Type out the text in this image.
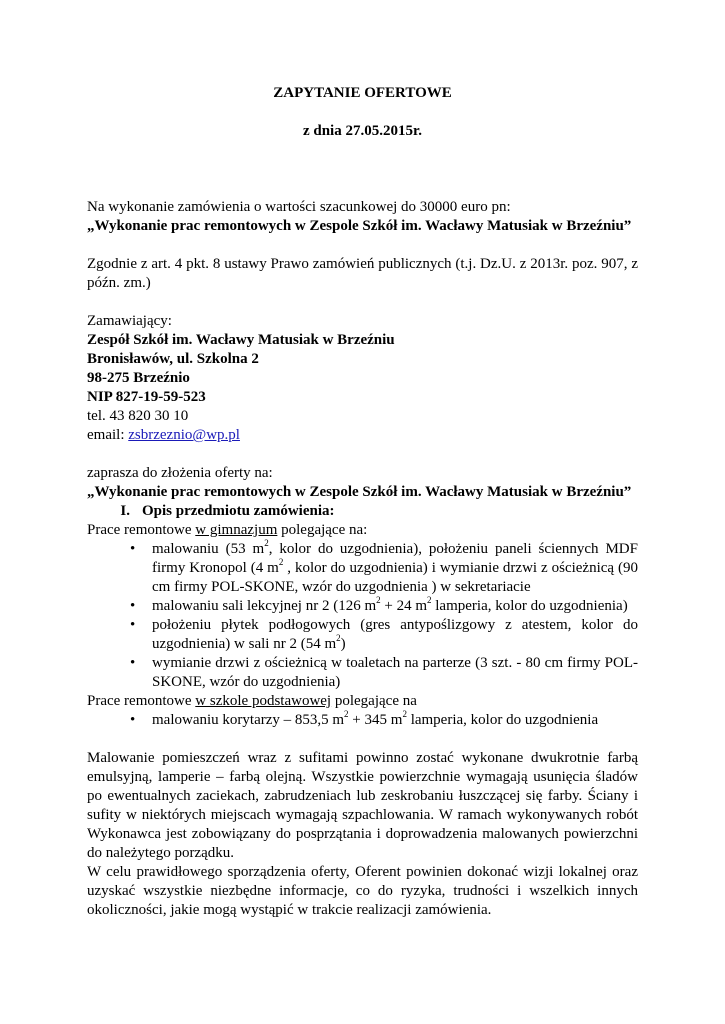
ZAPYTANIE OFERTOWE
z dnia 27.05.2015r.
Na wykonanie zamówienia o wartości szacunkowej do 30000 euro pn:
„Wykonanie prac remontowych w Zespole Szkół im. Wacławy Matusiak w Brzeźniu”
Zgodnie z art. 4 pkt. 8 ustawy Prawo zamówień publicznych (t.j. Dz.U. z 2013r. poz. 907, z późn. zm.)
Zamawiający:
Zespół Szkół im. Wacławy Matusiak w Brzeźniu
Bronisławów, ul. Szkolna 2
98-275 Brzeźnio
NIP 827-19-59-523
tel. 43 820 30 10
email: zsbrzeznio@wp.pl
zaprasza do złożenia oferty na:
„Wykonanie prac remontowych w Zespole Szkół im. Wacławy Matusiak w Brzeźniu”
I. Opis przedmiotu zamówienia:
Prace remontowe w gimnazjum polegające na:
• malowaniu (53 $m^2$, kolor do uzgodnienia), położeniu paneli ściennych MDF firmy Kronopol (4 $m^2$ , kolor do uzgodnienia) i wymianie drzwi z ościeżnicą (90 cm firmy POL-SKONE, wzór do uzgodnienia ) w sekretariacie
• malowaniu sali lekcyjnej nr 2 (126 $m^2 + 24$ $m^2$ lamperia, kolor do uzgodnienia)
• położeniu płytek podłogowych (gres antypoślizgowy z atestem, kolor do uzgodnienia) w sali nr 2 (54 $m^2$)
• wymianie drzwi z ościeżnicą w toaletach na parterze (3 szt. - 80 cm firmy POL-SKONE, wzór do uzgodnienia)
Prace remontowe w szkole podstawowej polegające na
• malowaniu korytarzy – 853,5 $m^2 + 345$ $m^2$ lamperia, kolor do uzgodnienia
Malowanie pomieszczeń wraz z sufitami powinno zostać wykonane dwukrotnie farbą emulsyjną, lamperie – farbą olejną. Wszystkie powierzchnie wymagają usunięcia śladów po ewentualnych zaciekach, zabrudzeniach lub zeskrobaniu łuszczącej się farby. Ściany i sufity w niektórych miejscach wymagają szpachlowania. W ramach wykonywanych robót Wykonawca jest zobowiązany do posprzątania i doprowadzenia malowanych powierzchni do należytego porządku.
W celu prawidłowego sporządzenia oferty, Oferent powinien dokonać wizji lokalnej oraz uzyskać wszystkie niezbędne informacje, co do ryzyka, trudności i wszelkich innych okoliczności, jakie mogą wystąpić w trakcie realizacji zamówienia.
